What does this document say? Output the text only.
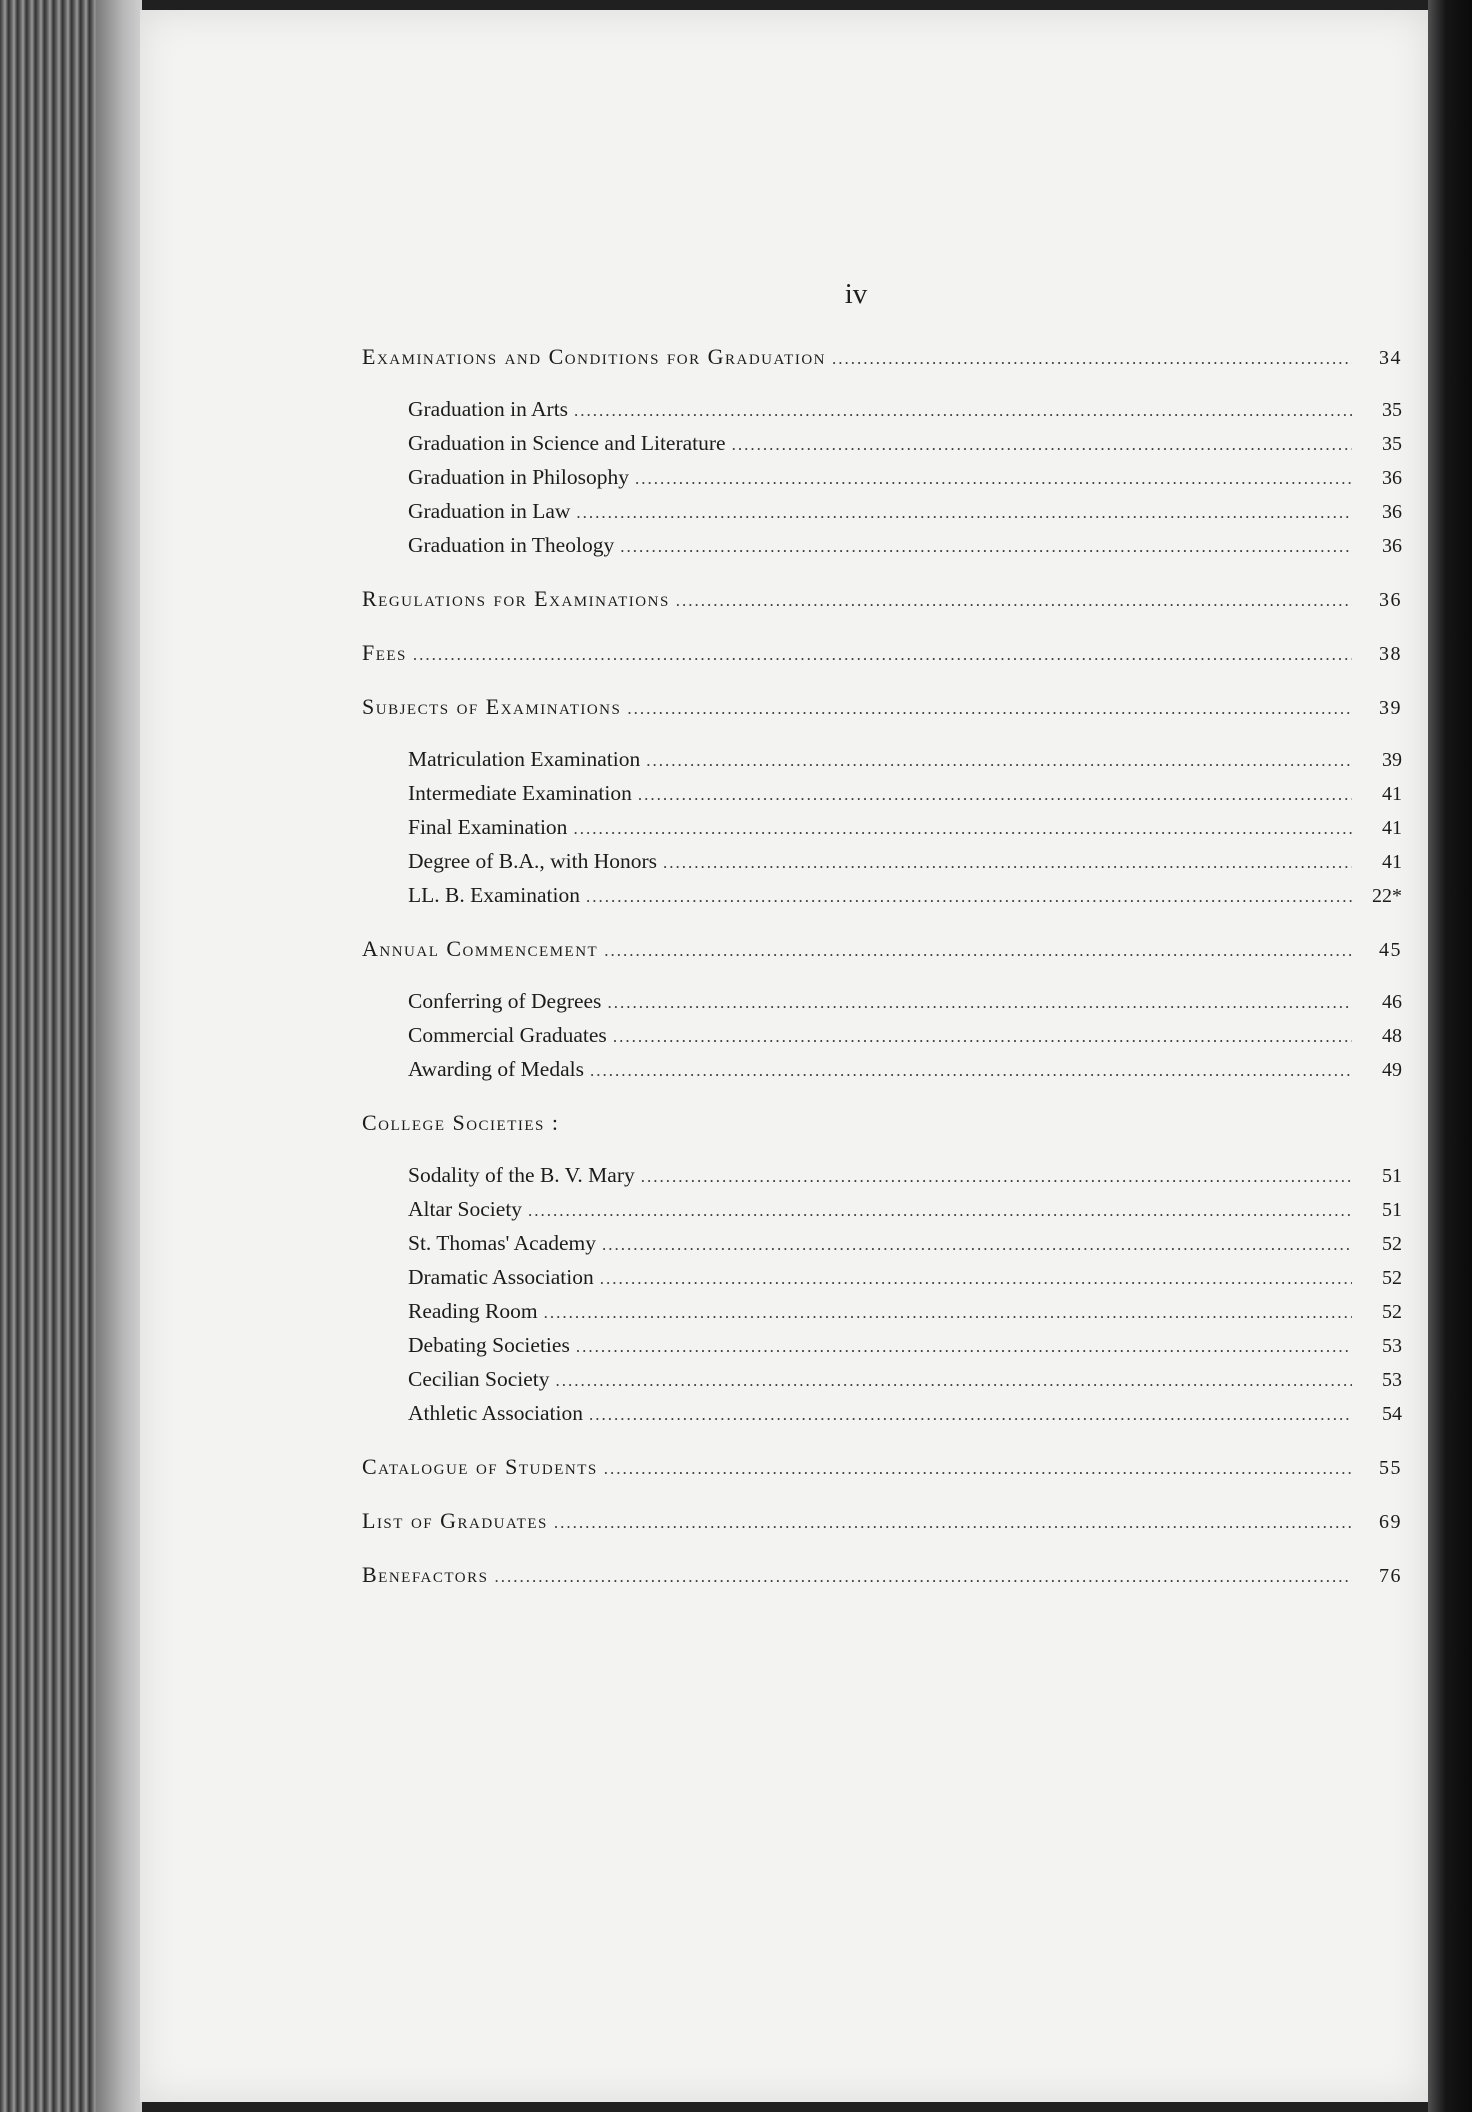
iv
Examinations and Conditions for Graduation .....	34
Graduation in Arts .....	35
Graduation in Science and Literature .....	35
Graduation in Philosophy .....	36
Graduation in Law .....	36
Graduation in Theology .....	36
Regulations for Examinations .....	36
Fees .....	38
Subjects of Examinations .....	39
Matriculation Examination .....	39
Intermediate Examination .....	41
Final Examination .....	41
Degree of B.A., with Honors .....	41
LL. B. Examination .....	22*
Annual Commencement .....	45
Conferring of Degrees .....	46
Commercial Graduates .....	48
Awarding of Medals .....	49
College Societies :
Sodality of the B. V. Mary .....	51
Altar Society .....	51
St. Thomas' Academy .....	52
Dramatic Association .....	52
Reading Room .....	52
Debating Societies .....	53
Cecilian Society .....	53
Athletic Association .....	54
Catalogue of Students .....	55
List of Graduates .....	69
Benefactors .....	76
